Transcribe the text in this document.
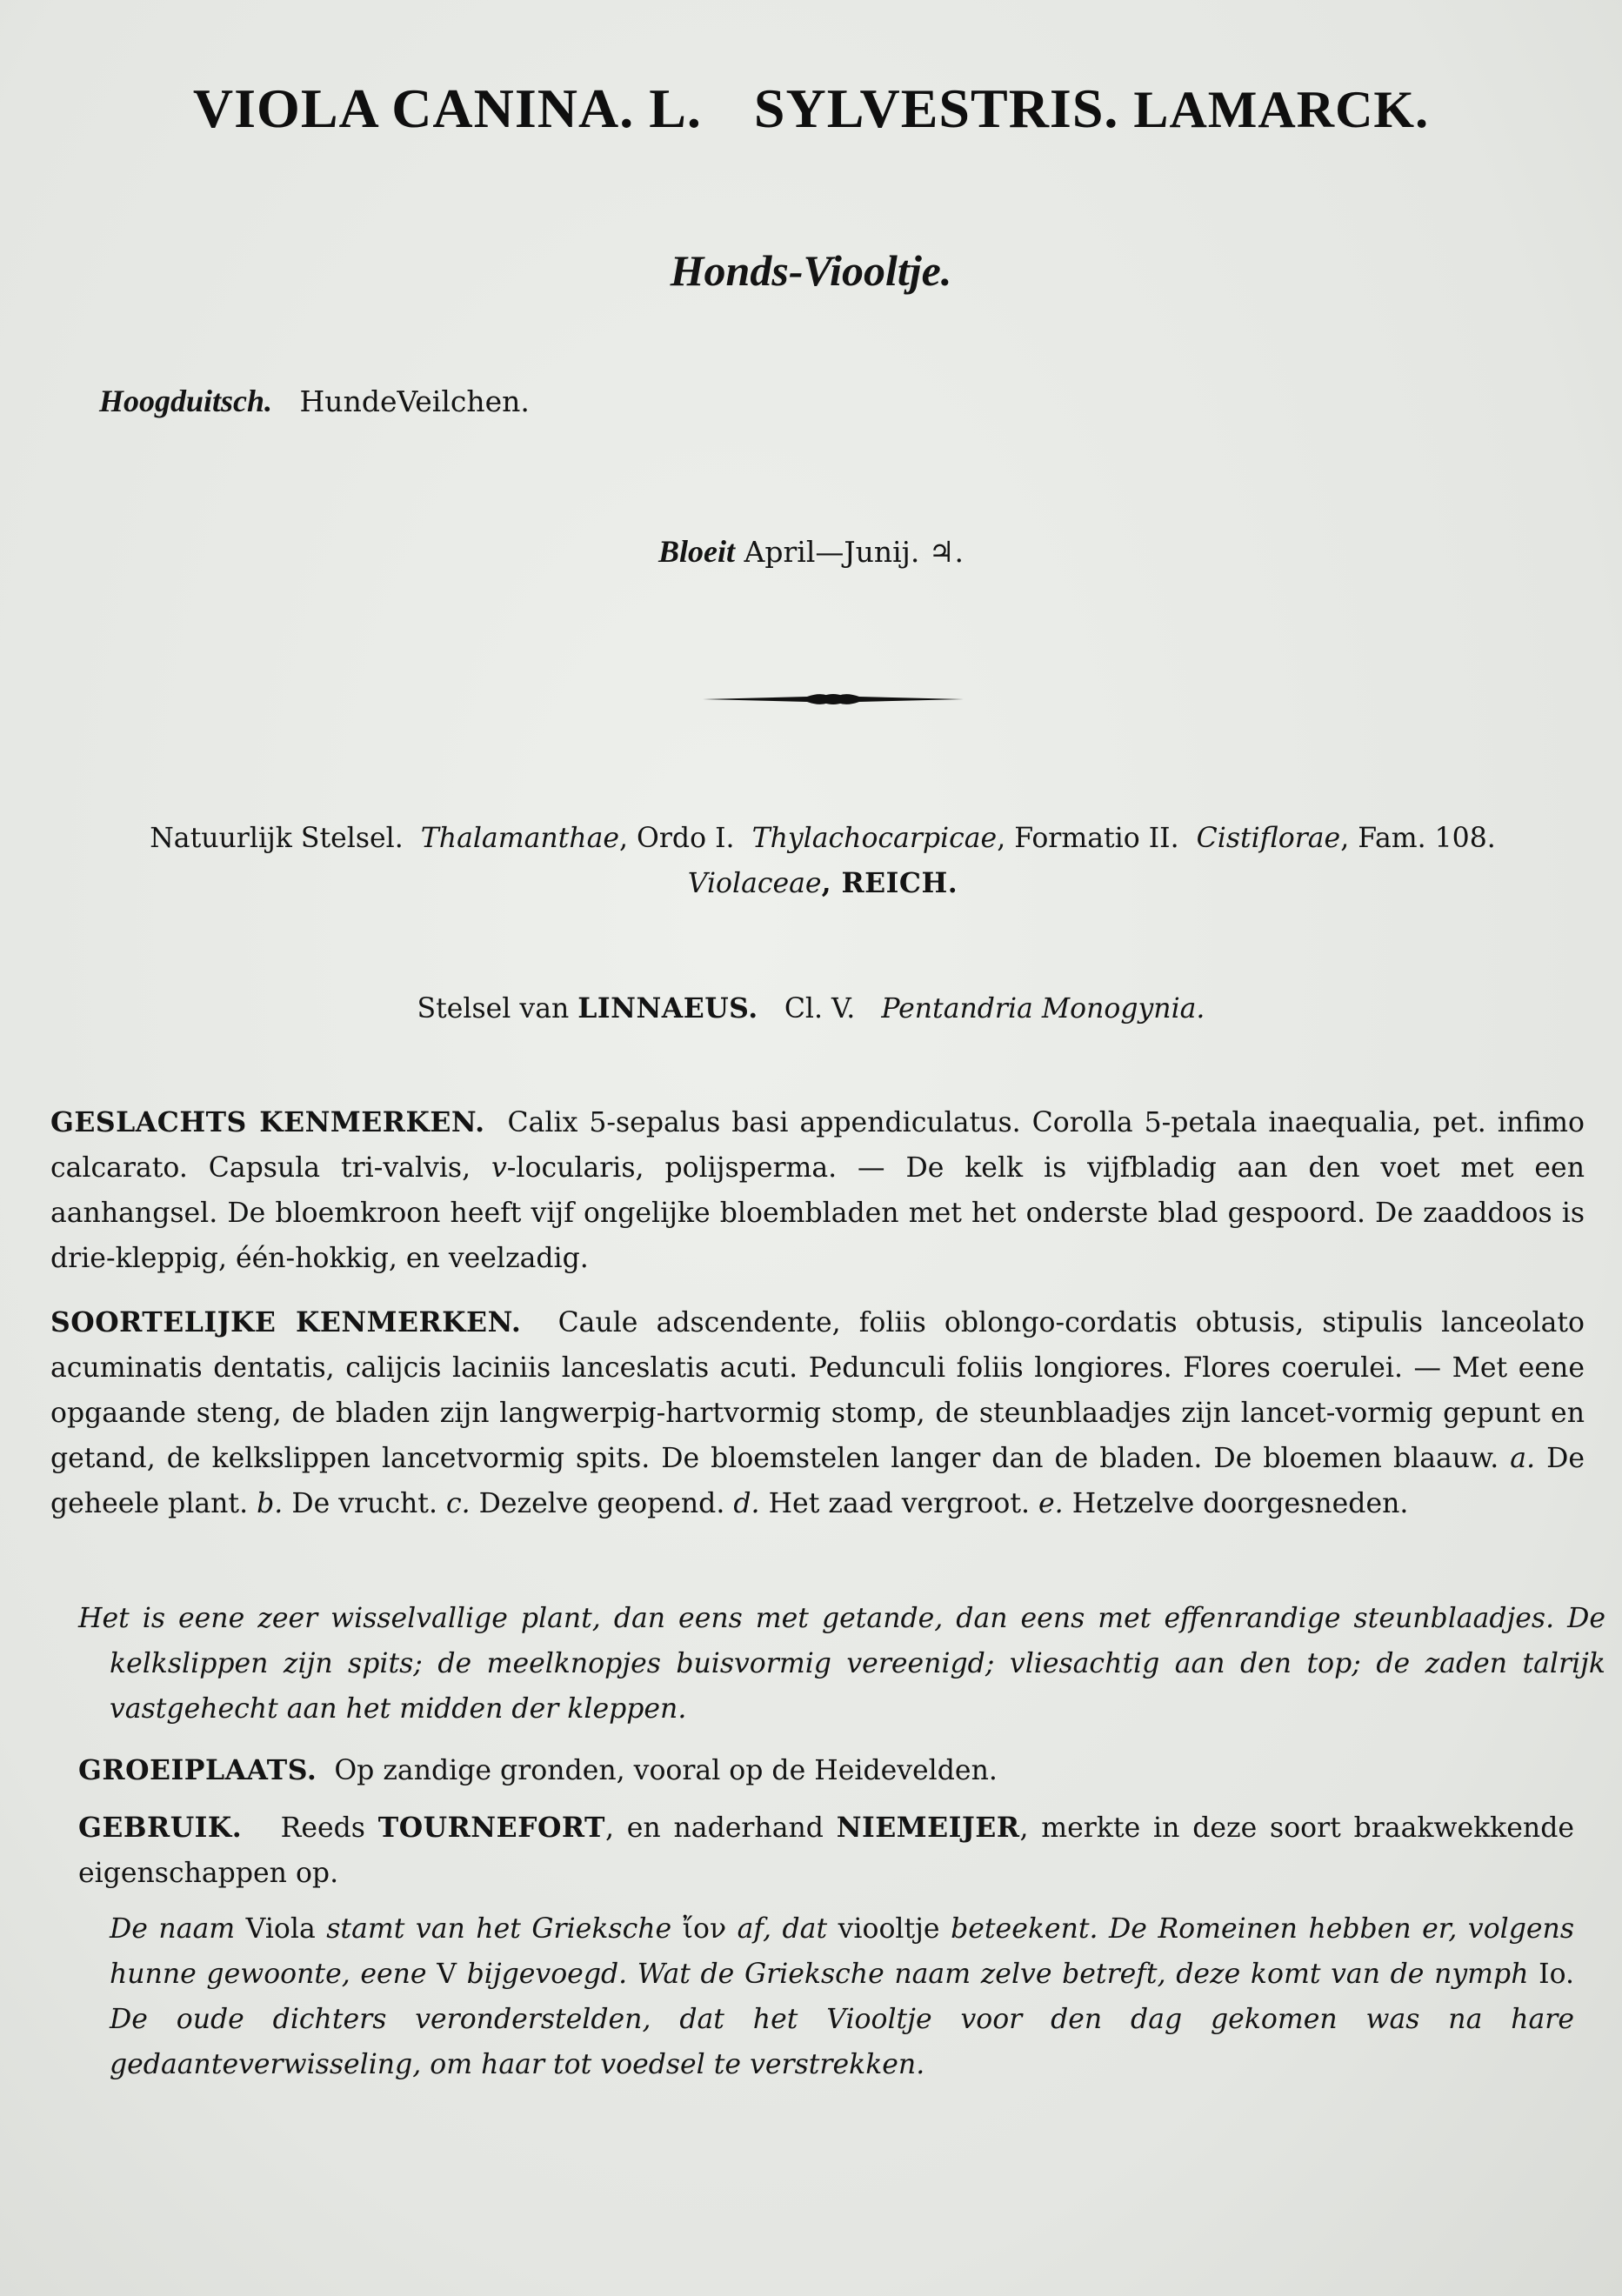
VIOLA CANINA. L. SYLVESTRIS. LAMARCK.
Honds-Viooltje.
Hoogduitsch. HundeVeilchen.
Bloeit April—Junij. ♃.
Natuurlijk Stelsel. Thalamanthae, Ordo I. Thylachocarpicae, Formatio II. Cistiflorae, Fam. 108.
Violaceae, REICH.
Stelsel van LINNAEUS. Cl. V. Pentandria Monogynia.
GESLACHTS KENMERKEN. Calix 5-sepalus basi appendiculatus. Corolla 5-petala inaequalia, pet. infimo calcarato. Capsula tri-valvis, v-locularis, polijsperma. — De kelk is vijfbladig aan den voet met een aanhangsel. De bloemkroon heeft vijf ongelijke bloembladen met het onderste blad gespoord. De zaaddoos is drie-kleppig, één-hokkig, en veelzadig.
SOORTELIJKE KENMERKEN. Caule adscendente, foliis oblongo-cordatis obtusis, stipulis lanceolato acuminatis dentatis, calijcis laciniis lanceslatis acuti. Pedunculi foliis longiores. Flores coerulei. — Met eene opgaande steng, de bladen zijn langwerpig-hartvormig stomp, de steunblaadjes zijn lancet-vormig gepunt en getand, de kelkslippen lancetvormig spits. De bloemstelen langer dan de bladen. De bloemen blaauw. a. De geheele plant. b. De vrucht. c. Dezelve geopend. d. Het zaad vergroot. e. Hetzelve doorgesneden.
Het is eene zeer wisselvallige plant, dan eens met getande, dan eens met effenrandige steunblaadjes. De kelkslippen zijn spits; de meelknopjes buisvormig vereenigd; vliesachtig aan den top; de zaden talrijk vastgehecht aan het midden der kleppen.
GROEIPLAATS. Op zandige gronden, vooral op de Heidevelden.
GEBRUIK. Reeds TOURNEFORT, en naderhand NIEMEIJER, merkte in deze soort braakwekkende eigenschappen op.
De naam Viola stamt van het Grieksche ἴον af, dat viooltje beteekent. De Romeinen hebben er, volgens hunne gewoonte, eene V bijgevoegd. Wat de Grieksche naam zelve betreft, deze komt van de nymph Io. De oude dichters veronderstelden, dat het Viooltje voor den dag gekomen was na hare gedaanteverwisseling, om haar tot voedsel te verstrekken.
